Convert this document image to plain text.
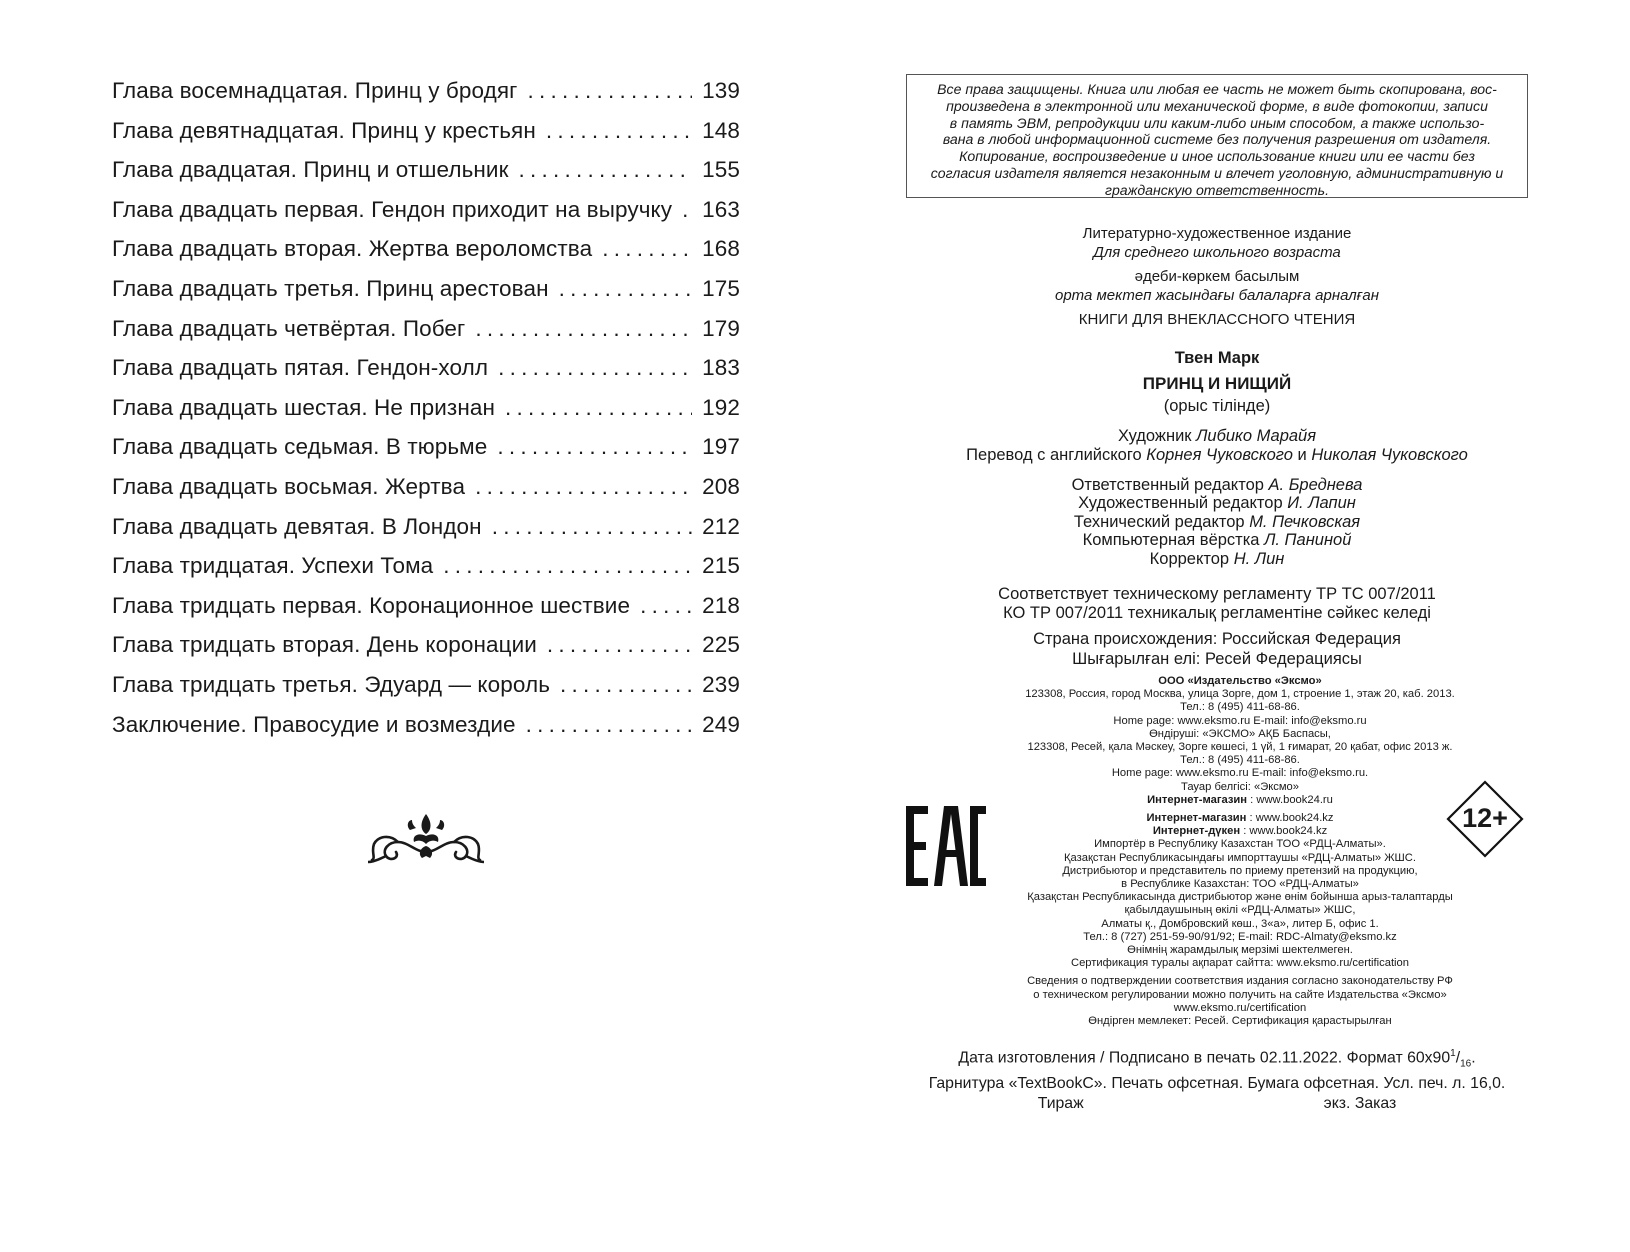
Глава восемнадцатая. Принц у бродяг . . .	139
Глава девятнадцатая. Принц у крестьян . . .	148
Глава двадцатая. Принц и отшельник . . .	155
Глава двадцать первая. Гендон приходит на выручку . . . 163
Глава двадцать вторая. Жертва вероломства . . .	168
Глава двадцать третья. Принц арестован . . .	175
Глава двадцать четвёртая. Побег . . .	179
Глава двадцать пятая. Гендон-холл . . .	183
Глава двадцать шестая. Не признан . . .	192
Глава двадцать седьмая. В тюрьме . . .	197
Глава двадцать восьмая. Жертва . . .	208
Глава двадцать девятая. В Лондон . . .	212
Глава тридцатая. Успехи Тома . . .	215
Глава тридцать первая. Коронационное шествие . . .	218
Глава тридцать вторая. День коронации . . .	225
Глава тридцать третья. Эдуард — король . . .	239
Заключение. Правосудие и возмездие . . .	249
Все права защищены. Книга или любая ее часть не может быть скопирована, вос-
произведена в электронной или механической форме, в виде фотокопии, записи
в память ЭВМ, репродукции или каким-либо иным способом, а также использо-
вана в любой информационной системе без получения разрешения от издателя.
Копирование, воспроизведение и иное использование книги или ее части без
согласия издателя является незаконным и влечет уголовную, административную и
гражданскую ответственность.
Литературно-художественное издание
Для среднего школьного возраста
әдеби-көркем басылым
орта мектеп жасындағы балаларға арналған
КНИГИ ДЛЯ ВНЕКЛАССНОГО ЧТЕНИЯ
Твен Марк
ПРИНЦ И НИЩИЙ
(орыс тілінде)
Художник Либико Марайя
Перевод с английского Корнея Чуковского и Николая Чуковского
Ответственный редактор А. Бреднева
Художественный редактор И. Лапин
Технический редактор М. Печковская
Компьютерная вёрстка Л. Паниной
Корректор Н. Лин
Соответствует техническому регламенту ТР ТС 007/2011
КО ТР 007/2011 техникалық регламентіне сәйкес келеді
Страна происхождения: Российская Федерация
Шығарылған елі: Ресей Федерациясы
ООО «Издательство «Эксмо»
123308, Россия, город Москва, улица Зорге, дом 1, строение 1, этаж 20, каб. 2013.
Тел.: 8 (495) 411-68-86.
Home page: www.eksmo.ru E-mail: info@eksmo.ru
Өндіруші: «ЭКСМО» АҚБ Баспасы,
123308, Ресей, қала Мәскеу, Зорге көшесі, 1 үй, 1 ғимарат, 20 қабат, офис 2013 ж.
Тел.: 8 (495) 411-68-86.
Home page: www.eksmo.ru E-mail: info@eksmo.ru.
Тауар белгісі: «Эксмо»
Интернет-магазин : www.book24.ru
Интернет-магазин : www.book24.kz
Интернет-дүкен : www.book24.kz
Импортёр в Республику Казахстан ТОО «РДЦ-Алматы».
Қазақстан Республикасындағы импорттаушы «РДЦ-Алматы» ЖШС.
Дистрибьютор и представитель по приему претензий на продукцию,
в Республике Казахстан: ТОО «РДЦ-Алматы»
Қазақстан Республикасында дистрибьютор және өнім бойынша арыз-талаптарды
қабылдаушының өкілі «РДЦ-Алматы» ЖШС,
Алматы қ., Домбровский көш., 3«а», литер Б, офис 1.
Тел.: 8 (727) 251-59-90/91/92; E-mail: RDC-Almaty@eksmo.kz
Өнімнің жарамдылық мерзімі шектелмеген.
Сертификация туралы ақпарат сайтта: www.eksmo.ru/certification
Сведения о подтверждении соответствия издания согласно законодательству РФ
о техническом регулировании можно получить на сайте Издательства «Эксмо»
www.eksmo.ru/certification
Өндірген мемлекет: Ресей. Сертификация қарастырылған
12+
Дата изготовления / Подписано в печать 02.11.2022. Формат $60х90^1/_{16}$.
Гарнитура «TextBookC». Печать офсетная. Бумага офсетная. Усл. печ. л. 16,0.
Тираж	экз. Заказ
